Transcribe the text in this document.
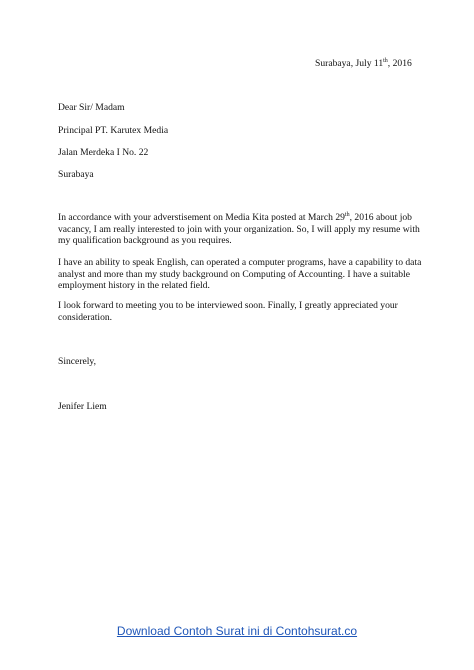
Surabaya, July 11th, 2016
Dear Sir/ Madam
Principal PT. Karutex Media
Jalan Merdeka I No. 22
Surabaya
In accordance with your adverstisement on Media Kita posted at March 29th, 2016 about job vacancy, I am really interested to join with your organization. So, I will apply my resume with my qualification background as you requires.
I have an ability to speak English, can operated a computer programs, have a capability to data analyst and more than my study background on Computing of Accounting. I have a suitable employment history in the related field.
I look forward to meeting you to be interviewed soon. Finally, I greatly appreciated your consideration.
Sincerely,
Jenifer Liem
Download Contoh Surat ini di Contohsurat.co
